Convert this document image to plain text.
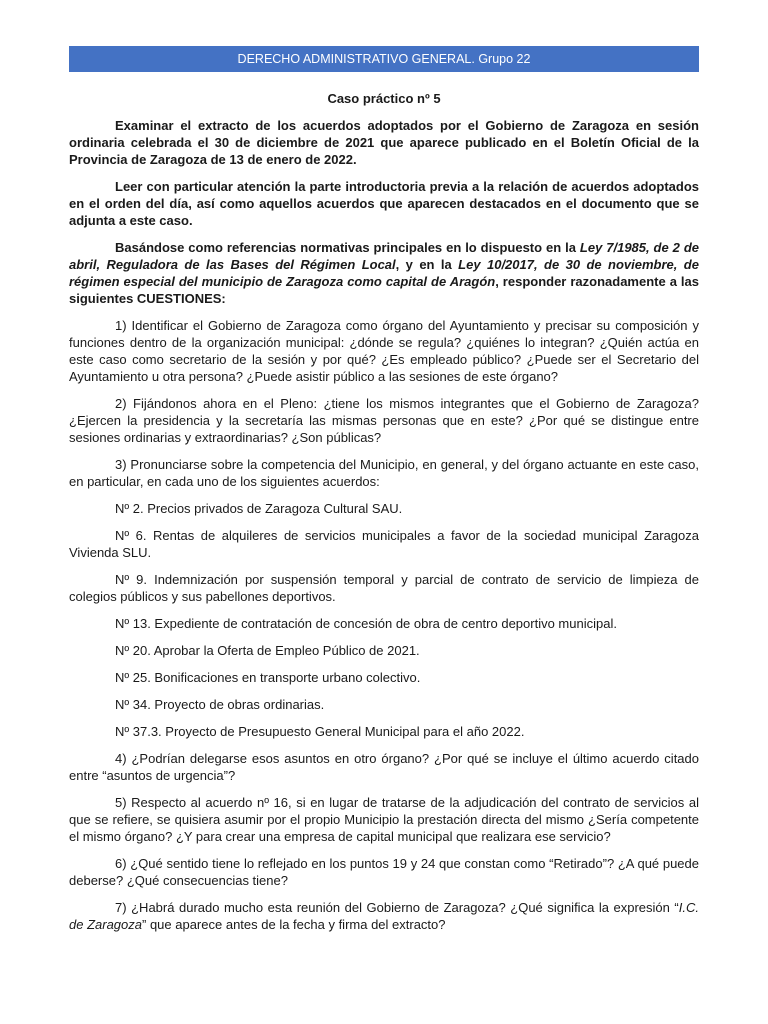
DERECHO ADMINISTRATIVO GENERAL. Grupo 22
Caso práctico nº 5

Examinar el extracto de los acuerdos adoptados por el Gobierno de Zaragoza en sesión ordinaria celebrada el 30 de diciembre de 2021 que aparece publicado en el Boletín Oficial de la Provincia de Zaragoza de 13 de enero de 2022.

Leer con particular atención la parte introductoria previa a la relación de acuerdos adoptados en el orden del día, así como aquellos acuerdos que aparecen destacados en el documento que se adjunta a este caso.

Basándose como referencias normativas principales en lo dispuesto en la Ley 7/1985, de 2 de abril, Reguladora de las Bases del Régimen Local, y en la Ley 10/2017, de 30 de noviembre, de régimen especial del municipio de Zaragoza como capital de Aragón, responder razonadamente a las siguientes CUESTIONES:

1) Identificar el Gobierno de Zaragoza como órgano del Ayuntamiento y precisar su composición y funciones dentro de la organización municipal: ¿dónde se regula? ¿quiénes lo integran? ¿Quién actúa en este caso como secretario de la sesión y por qué? ¿Es empleado público? ¿Puede ser el Secretario del Ayuntamiento u otra persona? ¿Puede asistir público a las sesiones de este órgano?

2) Fijándonos ahora en el Pleno: ¿tiene los mismos integrantes que el Gobierno de Zaragoza? ¿Ejercen la presidencia y la secretaría las mismas personas que en este? ¿Por qué se distingue entre sesiones ordinarias y extraordinarias? ¿Son públicas?

3) Pronunciarse sobre la competencia del Municipio, en general, y del órgano actuante en este caso, en particular, en cada uno de los siguientes acuerdos:

Nº 2. Precios privados de Zaragoza Cultural SAU.

Nº 6. Rentas de alquileres de servicios municipales a favor de la sociedad municipal Zaragoza Vivienda SLU.

Nº 9. Indemnización por suspensión temporal y parcial de contrato de servicio de limpieza de colegios públicos y sus pabellones deportivos.

Nº 13. Expediente de contratación de concesión de obra de centro deportivo municipal.

Nº 20. Aprobar la Oferta de Empleo Público de 2021.

Nº 25. Bonificaciones en transporte urbano colectivo.

Nº 34. Proyecto de obras ordinarias.

Nº 37.3. Proyecto de Presupuesto General Municipal para el año 2022.

4) ¿Podrían delegarse esos asuntos en otro órgano? ¿Por qué se incluye el último acuerdo citado entre “asuntos de urgencia”?

5) Respecto al acuerdo nº 16, si en lugar de tratarse de la adjudicación del contrato de servicios al que se refiere, se quisiera asumir por el propio Municipio la prestación directa del mismo ¿Sería competente el mismo órgano? ¿Y para crear una empresa de capital municipal que realizara ese servicio?

6) ¿Qué sentido tiene lo reflejado en los puntos 19 y 24 que constan como “Retirado”? ¿A qué puede deberse? ¿Qué consecuencias tiene?

7) ¿Habrá durado mucho esta reunión del Gobierno de Zaragoza? ¿Qué significa la expresión “I.C. de Zaragoza” que aparece antes de la fecha y firma del extracto?
